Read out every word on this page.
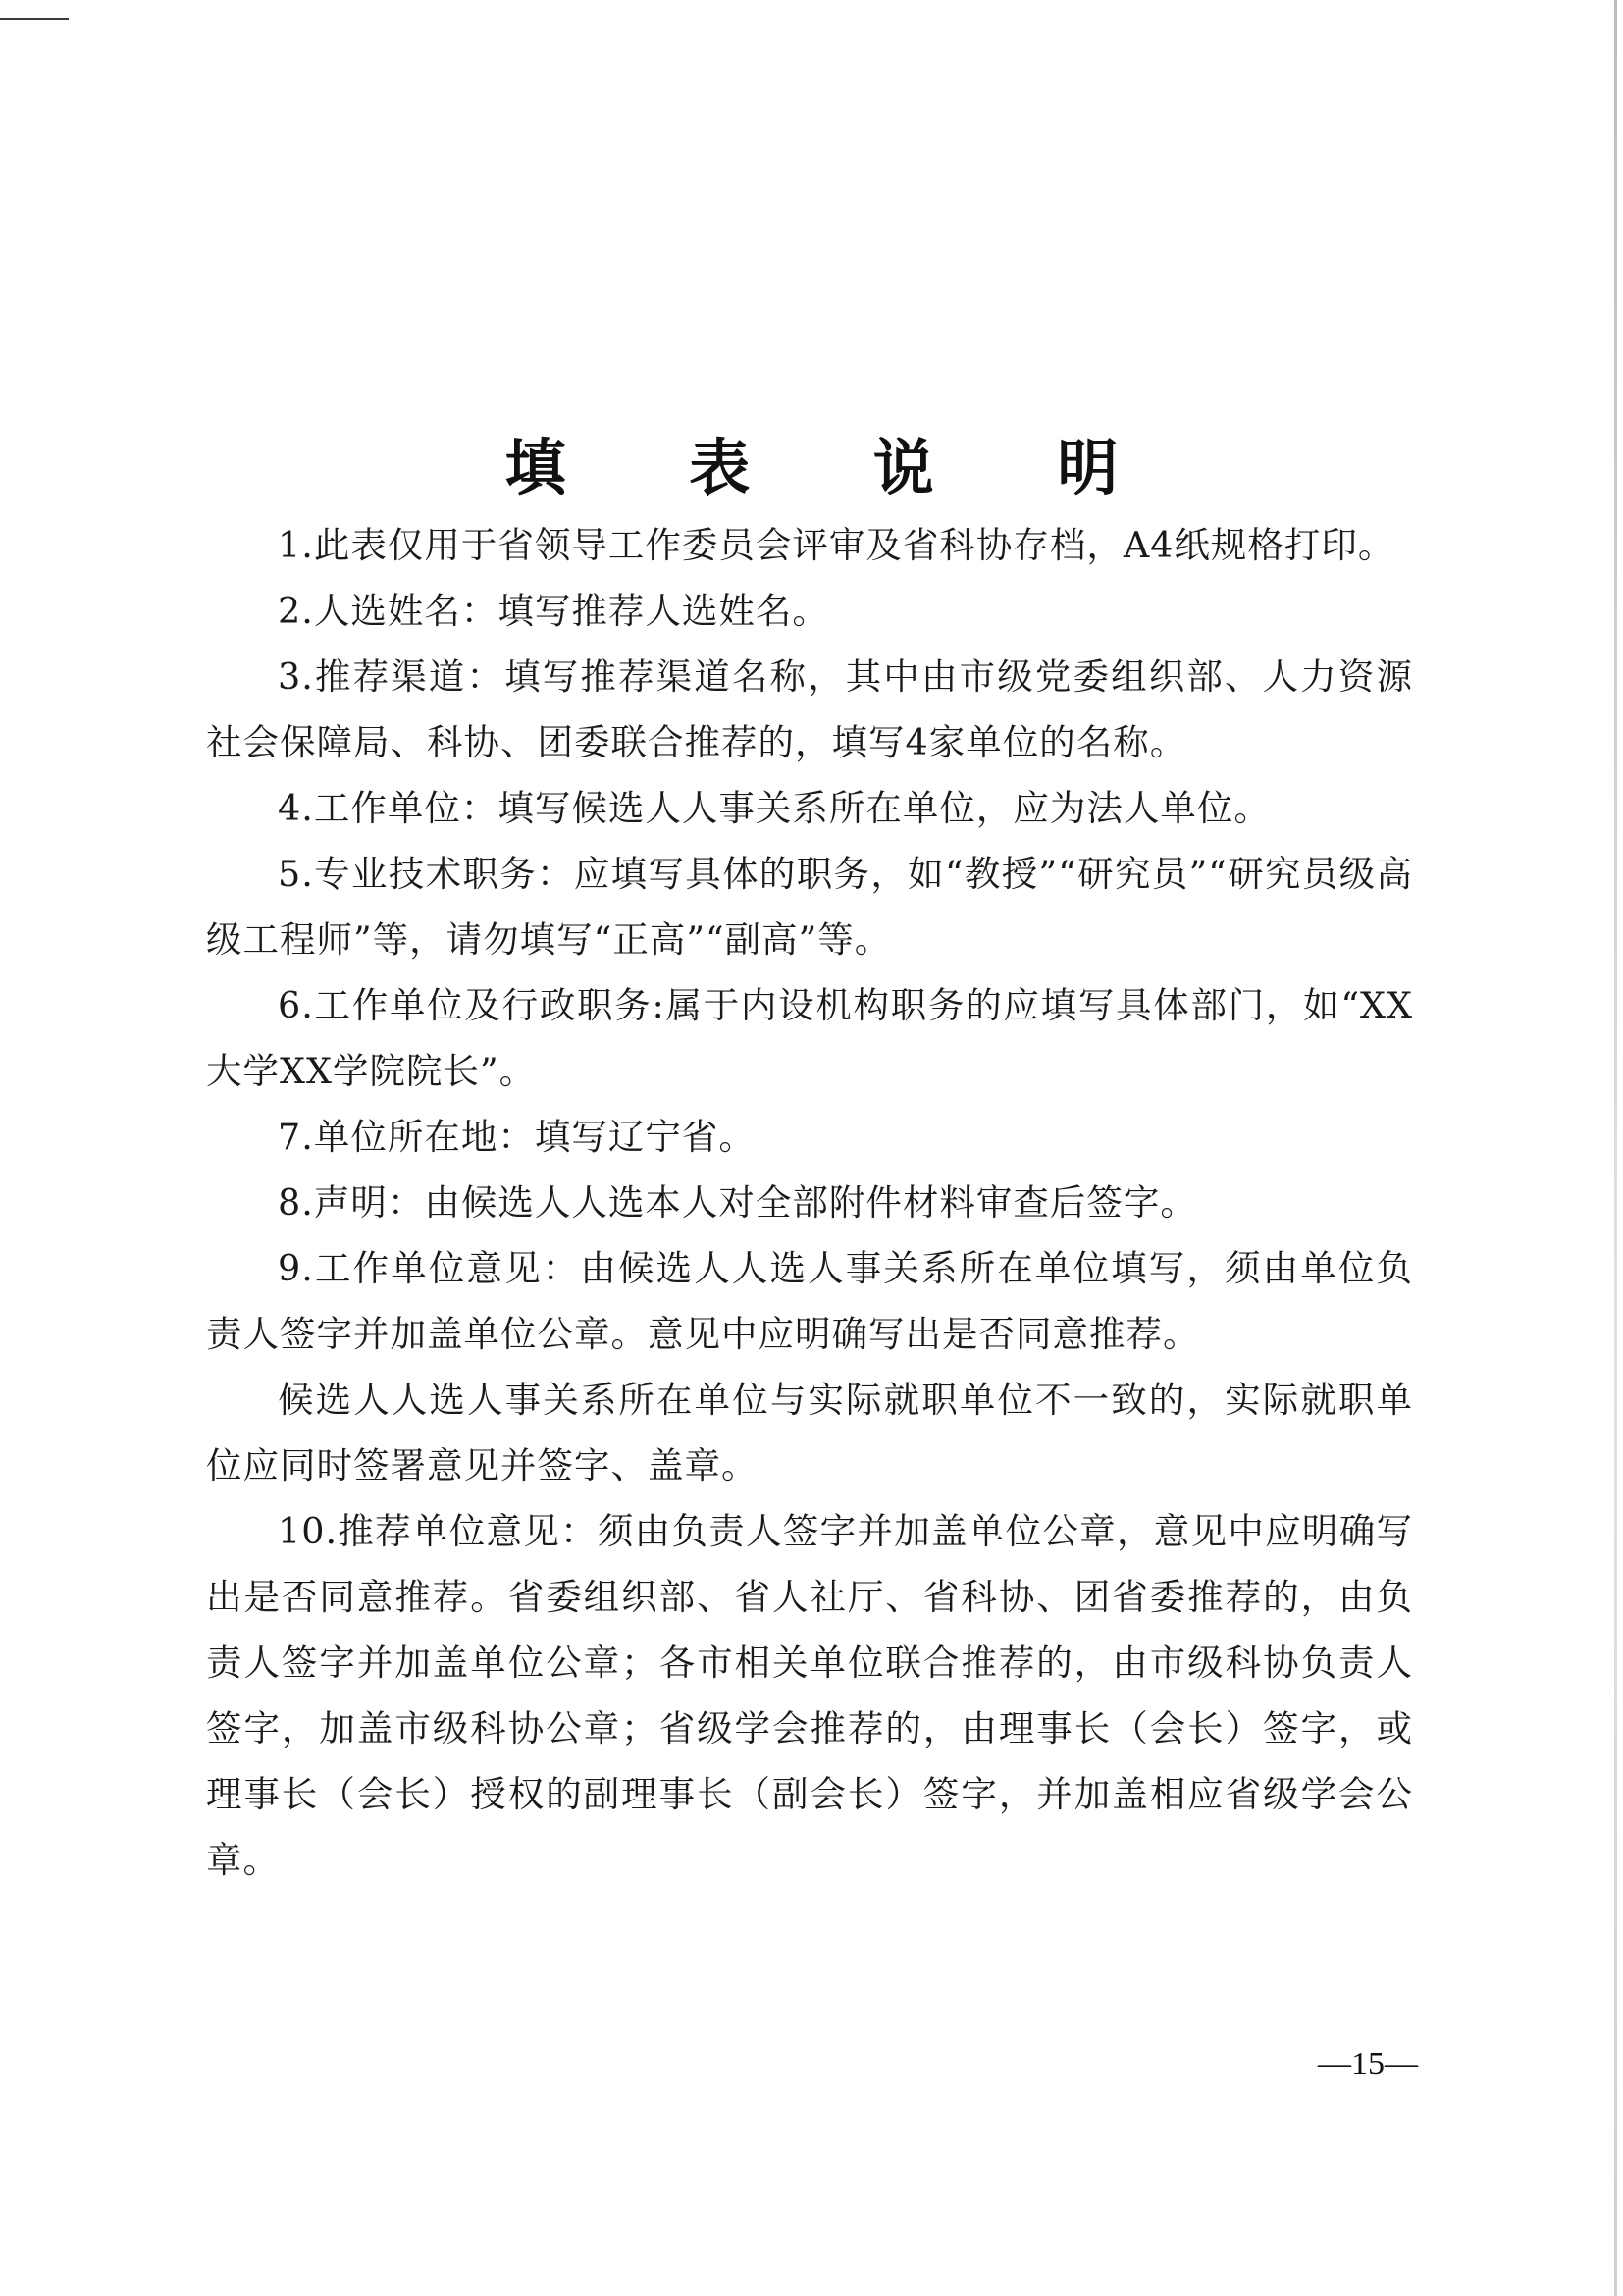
填 表 说 明

1.此表仅用于省领导工作委员会评审及省科协存档，A4纸规格打印。

2.人选姓名：填写推荐人选姓名。

3.推荐渠道：填写推荐渠道名称，其中由市级党委组织部、人力资源社会保障局、科协、团委联合推荐的，填写4家单位的名称。

4.工作单位：填写候选人人事关系所在单位，应为法人单位。

5.专业技术职务：应填写具体的职务，如“教授”“研究员”“研究员级高级工程师”等，请勿填写“正高”“副高”等。

6.工作单位及行政职务:属于内设机构职务的应填写具体部门，如“XX大学XX学院院长”。

7.单位所在地：填写辽宁省。

8.声明：由候选人人选本人对全部附件材料审查后签字。

9.工作单位意见：由候选人人选人事关系所在单位填写，须由单位负责人签字并加盖单位公章。意见中应明确写出是否同意推荐。

候选人人选人事关系所在单位与实际就职单位不一致的，实际就职单位应同时签署意见并签字、盖章。

10.推荐单位意见：须由负责人签字并加盖单位公章，意见中应明确写出是否同意推荐。省委组织部、省人社厅、省科协、团省委推荐的，由负责人签字并加盖单位公章；各市相关单位联合推荐的，由市级科协负责人签字，加盖市级科协公章；省级学会推荐的，由理事长（会长）签字，或理事长（会长）授权的副理事长（副会长）签字，并加盖相应省级学会公章。

—15—
